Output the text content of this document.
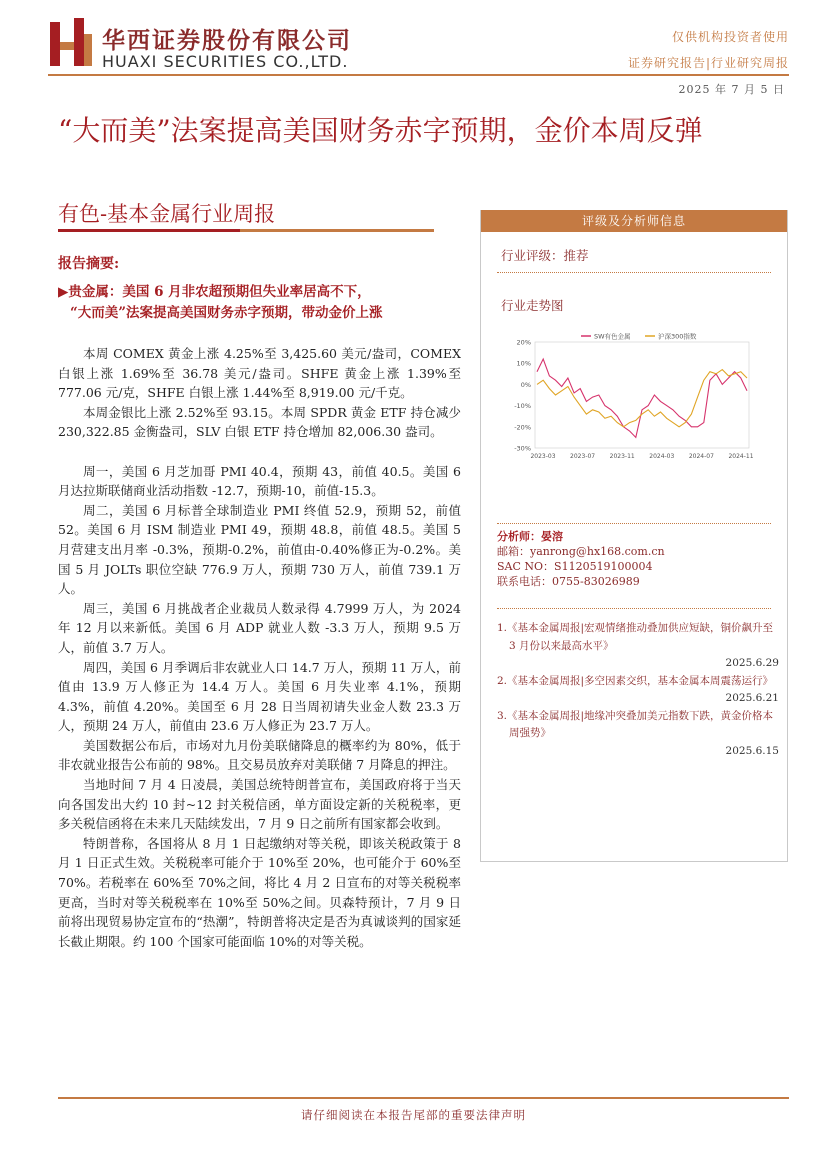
华西证券股份有限公司
HUAXI SECURITIES CO.,LTD.
仅供机构投资者使用
证券研究报告|行业研究周报
2025 年 7 月 5 日
“大而美”法案提高美国财务赤字预期，金价本周反弹
有色-基本金属行业周报
报告摘要:
▶贵金属：美国 6 月非农超预期但失业率居高不下，
“大而美”法案提高美国财务赤字预期，带动金价上涨

本周 COMEX 黄金上涨 4.25%至 3,425.60 美元/盎司，COMEX 白银上涨 1.69%至 36.78 美元/盎司。SHFE 黄金上涨 1.39%至 777.06 元/克，SHFE 白银上涨 1.44%至 8,919.00 元/千克。

本周金银比上涨 2.52%至 93.15。本周 SPDR 黄金 ETF 持仓减少 230,322.85 金衡盎司，SLV 白银 ETF 持仓增加 82,006.30 盎司。

周一，美国 6 月芝加哥 PMI 40.4，预期 43，前值 40.5。美国 6 月达拉斯联储商业活动指数 -12.7，预期-10，前值-15.3。

周二，美国 6 月标普全球制造业 PMI 终值 52.9，预期 52，前值 52。美国 6 月 ISM 制造业 PMI 49，预期 48.8，前值 48.5。美国 5 月营建支出月率 -0.3%，预期-0.2%，前值由-0.40%修正为-0.2%。美国 5 月 JOLTs 职位空缺 776.9 万人，预期 730 万人，前值 739.1 万人。

周三，美国 6 月挑战者企业裁员人数录得 4.7999 万人，为 2024 年 12 月以来新低。美国 6 月 ADP 就业人数 -3.3 万人，预期 9.5 万人，前值 3.7 万人。

周四，美国 6 月季调后非农就业人口 14.7 万人，预期 11 万人，前值由 13.9 万人修正为 14.4 万人。美国 6 月失业率 4.1%，预期 4.3%，前值 4.20%。美国至 6 月 28 日当周初请失业金人数 23.3 万人，预期 24 万人，前值由 23.6 万人修正为 23.7 万人。

美国数据公布后，市场对九月份美联储降息的概率约为 80%，低于非农就业报告公布前的 98%。且交易员放弃对美联储 7 月降息的押注。

当地时间 7 月 4 日凌晨，美国总统特朗普宣布，美国政府将于当天向各国发出大约 10 封~12 封关税信函，单方面设定新的关税税率，更多关税信函将在未来几天陆续发出，7 月 9 日之前所有国家都会收到。

特朗普称，各国将从 8 月 1 日起缴纳对等关税，即该关税政策于 8 月 1 日正式生效。关税税率可能介于 10%至 20%，也可能介于 60%至 70%。若税率在 60%至 70%之间，将比 4 月 2 日宣布的对等关税税率更高，当时对等关税税率在 10%至 50%之间。贝森特预计，7 月 9 日前将出现贸易协定宣布的“热潮”，特朗普将决定是否为真诚谈判的国家延长截止期限。约 100 个国家可能面临 10%的对等关税。

评级及分析师信息
行业评级：推荐
行业走势图
20%
10%
0%
-10%
-20%
-30%
2023-03 2023-07 2023-11 2024-03 2024-07 2024-11
SW有色金属	沪深300指数
分析师：晏溶
邮箱：yanrong@hx168.com.cn
SAC NO：S1120519100004
联系电话：0755-83026989
1.《基本金属周报|宏观情绪推动叠加供应短缺，铜价飙升至 3 月份以来最高水平》
2025.6.29
2.《基本金属周报|多空因素交织，基本金属本周震荡运行》
2025.6.21
3.《基本金属周报|地缘冲突叠加美元指数下跌，黄金价格本周强势》
2025.6.15
请仔细阅读在本报告尾部的重要法律声明
